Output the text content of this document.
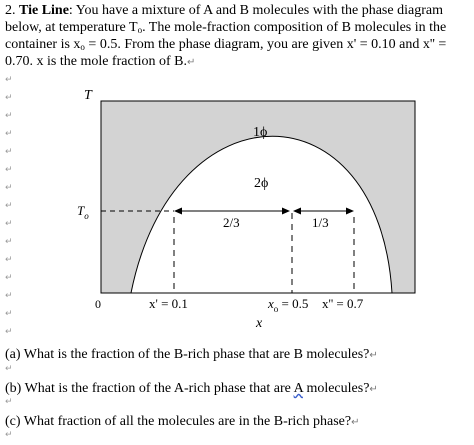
2. Tie Line: You have a mixture of A and B molecules with the phase diagram
below, at temperature $T_o$. The mole-fraction composition of B molecules in the
container is $x_o = 0.5$. From the phase diagram, you are given x' = 0.10 and x'' =
0.70. x is the mole fraction of B.↵
↵
↵
↵
↵
↵
↵
↵
↵
↵
↵
↵
↵
↵
↵
↵
↵
↵
↵
T
0
$T_o$
1ϕ
2ϕ
2/3	1/3
x' = 0.1	$x_o = 0.5$ x'' = 0.7
x
(a) What is the fraction of the B-rich phase that are B molecules?↵
(b) What is the fraction of the A-rich phase that are A molecules?↵
(c) What fraction of all the molecules are in the B-rich phase?↵
